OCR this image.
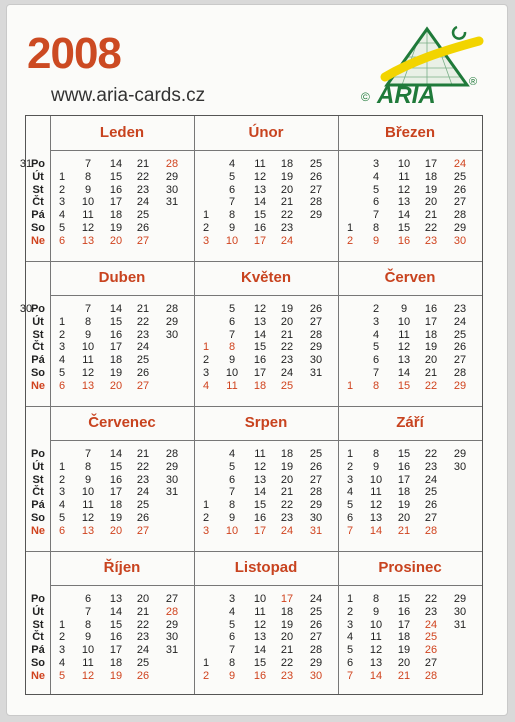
2008
www.aria-cards.cz	© ARIA	®
Po
Út
St
Čt
Pá
So
Ne
Po
Út
St
Čt
Pá
So
Ne
Po
Út
St
Čt
Pá
So
Ne
Po
Út
St
Čt
Pá
So
Ne
Leden
1
2
3
4
5
6
7
8
9
10
11
12
13
14
15
16
17
18
19
20
21
22
23
24
25
26
27
28
29
30
31
Únor
1
2
3
4
5
6
7
8
9
10
11
12
13
14
15
16
17
18
19
20
21
22
23
24
25
26
27
28
29
Březen
1
2
3
4
5
6
7
8
9
10
11
12
13
14
15
16
17
18
19
20
21
22
23
24
25
26
27
28
29
30
31
Duben
1
2
3
4
5
6
7
8
9
10
11
12
13
14
15
16
17
18
19
20
21
22
23
24
25
26
27
28
29
30
Květen
1
2
3
4
5
6
7
8
9
10
11
12
13
14
15
16
17
18
19
20
21
22
23
24
25
26
27
28
29
30
31
Červen
1
2
3
4
5
6
7
8
9
10
11
12
13
14
15
16
17
18
19
20
21
22
23
24
25
26
27
28
29
30
Červenec
1
2
3
4
5
6
7
8
9
10
11
12
13
14
15
16
17
18
19
20
21
22
23
24
25
26
27
28
29
30
31
Srpen
1
2
3
4
5
6
7
8
9
10
11
12
13
14
15
16
17
18
19
20
21
22
23
24
25
26
27
28
29
30
31
Září
1
2
3
4
5
6
7
8
9
10
11
12
13
14
15
16
17
18
19
20
21
22
23
24
25
26
27
28
29
30
Říjen
1
2
3
4
5
6
7
8
9
10
11
12
13
14
15
16
17
18
19
20
21
22
23
24
25
26
27
28
29
30
31
Listopad
1
2
3
4
5
6
7
8
9
10
11
12
13
14
15
16
17
18
19
20
21
22
23
24
25
26
27
28
29
30
Prosinec
1
2
3
4
5
6
7
8
9
10
11
12
13
14
15
16
17
18
19
20
21
22
23
24
25
26
27
28
29
30
31
